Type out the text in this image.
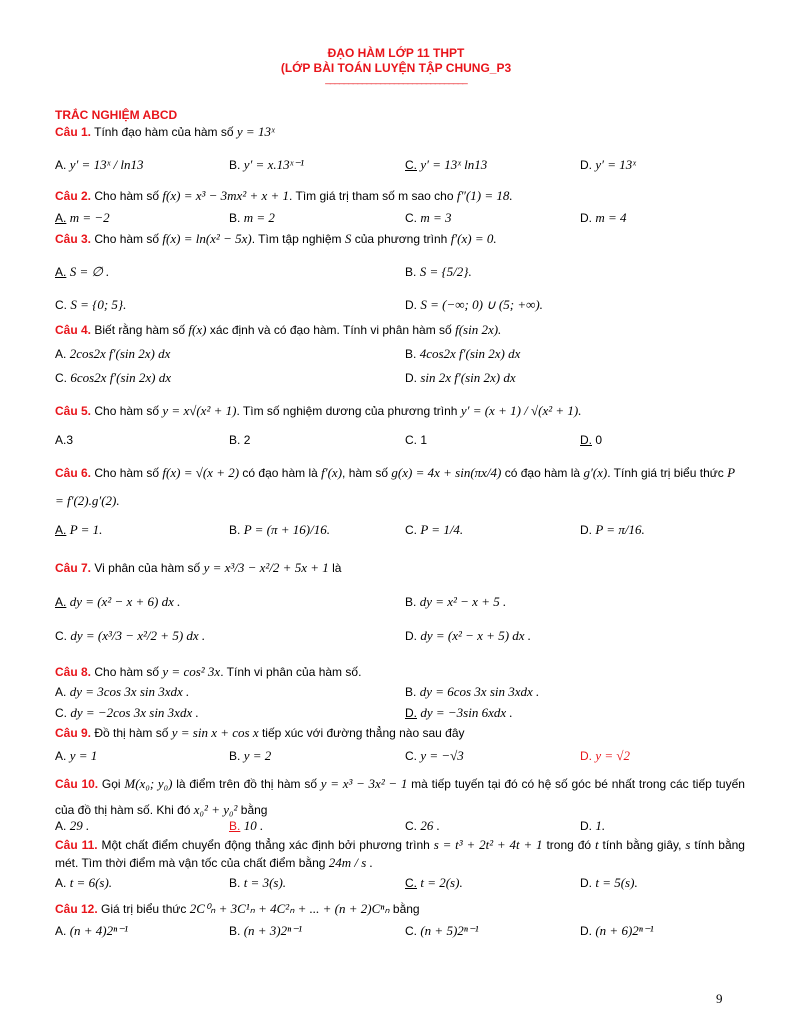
ĐẠO HÀM LỚP 11 THPT
(LỚP BÀI TOÁN LUYỆN TẬP CHUNG_P3
_______________________________
TRẮC NGHIỆM ABCD
Câu 1. Tính đạo hàm của hàm số y = 13ˣ
A. y′ = 13ˣ / ln13	B. y′ = x.13ˣ⁻¹	C. y′ = 13ˣ ln13	D. y′ = 13ˣ
Câu 2. Cho hàm số f(x) = x³ − 3mx² + x + 1. Tìm giá trị tham số m sao cho f″(1) = 18.
A. m = −2	B. m = 2	C. m = 3	D. m = 4
Câu 3. Cho hàm số f(x) = ln(x² − 5x). Tìm tập nghiệm S của phương trình f′(x) = 0.
A. S = ∅ .	B. S = {5/2}.
C. S = {0; 5}.	D. S = (−∞; 0) ∪ (5; +∞).
Câu 4. Biết rằng hàm số f(x) xác định và có đạo hàm. Tính vi phân hàm số f(sin 2x).
A. 2cos2x f′(sin 2x) dx	B. 4cos2x f′(sin 2x) dx
C. 6cos2x f′(sin 2x) dx	D. sin 2x f′(sin 2x) dx
Câu 5. Cho hàm số y = x√(x² + 1). Tìm số nghiệm dương của phương trình y′ = (x + 1) / √(x² + 1).
A.3	B. 2	C. 1	D. 0
Câu 6. Cho hàm số f(x) = √(x + 2) có đạo hàm là f′(x), hàm số g(x) = 4x + sin(πx/4) có đạo hàm là g′(x). Tính giá trị biểu thức P = f′(2).g′(2).
A. P = 1.	B. P = (π + 16)/16.	C. P = 1/4.	D. P = π/16.
Câu 7. Vi phân của hàm số y = x³/3 − x²/2 + 5x + 1 là
A. dy = (x² − x + 6) dx .	B. dy = x² − x + 5 .
C. dy = (x³/3 − x²/2 + 5) dx .	D. dy = (x² − x + 5) dx .
Câu 8. Cho hàm số y = cos² 3x. Tính vi phân của hàm số.
A. dy = 3cos 3x sin 3xdx .	B. dy = 6cos 3x sin 3xdx .
C. dy = −2cos 3x sin 3xdx .	D. dy = −3sin 6xdx .
Câu 9. Đồ thị hàm số y = sin x + cos x tiếp xúc với đường thẳng nào sau đây
A. y = 1	B. y = 2	C. y = −√3	D. y = √2
Câu 10. Gọi M(x₀; y₀) là điểm trên đồ thị hàm số y = x³ − 3x² − 1 mà tiếp tuyến tại đó có hệ số góc bé nhất trong các tiếp tuyến của đồ thị hàm số. Khi đó x₀² + y₀² bằng
A. 29 .	B. 10 .	C. 26 .	D. 1.
Câu 11. Một chất điểm chuyển động thẳng xác định bởi phương trình s = t³ + 2t² + 4t + 1 trong đó t tính bằng giây, s tính bằng mét. Tìm thời điểm mà vận tốc của chất điểm bằng 24m / s .
A. t = 6(s).	B. t = 3(s).	C. t = 2(s).	D. t = 5(s).
Câu 12. Giá trị biểu thức 2C⁰ₙ + 3C¹ₙ + 4C²ₙ + ... + (n + 2)Cⁿₙ bằng
A. (n + 4)2ⁿ⁻¹	B. (n + 3)2ⁿ⁻¹	C. (n + 5)2ⁿ⁻¹	D. (n + 6)2ⁿ⁻¹
9
